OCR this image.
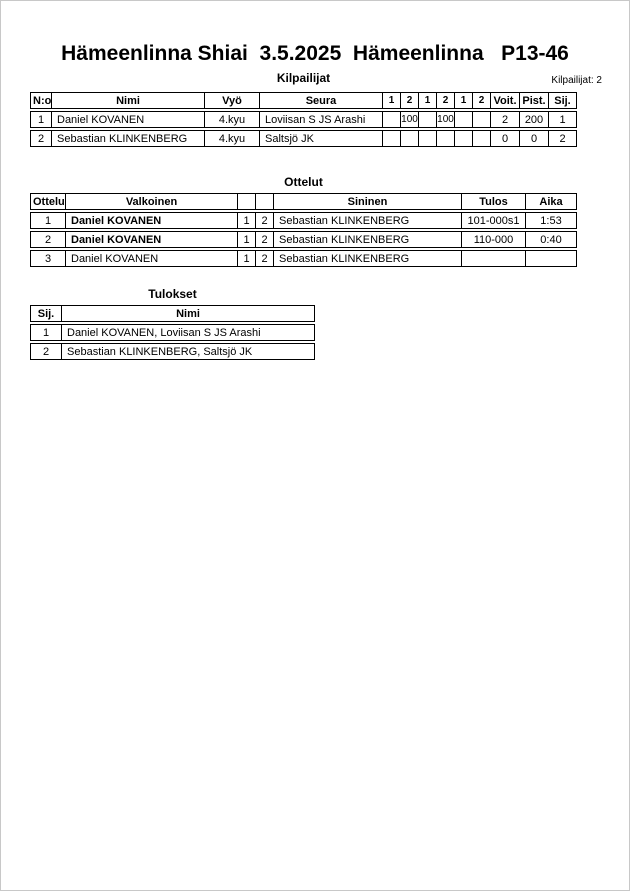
Hämeenlinna Shiai  3.5.2025  Hämeenlinna   P13-46
Kilpailijat	Kilpailijat: 2
N:o	Nimi	Vyö	Seura	1	2	1	2	1	2	Voit.	Pist.	Sij.
1	Daniel KOVANEN	4.kyu	Loviisan S JS Arashi		100		100			2	200	1
2	Sebastian KLINKENBERG	4.kyu	Saltsjö JK							0	0	2
Ottelut
Ottelu	Valkoinen			Sininen	Tulos	Aika
1	Daniel KOVANEN	1	2	Sebastian KLINKENBERG	101-000s1	1:53
2	Daniel KOVANEN	1	2	Sebastian KLINKENBERG	110-000	0:40
3	Daniel KOVANEN	1	2	Sebastian KLINKENBERG		
Tulokset
Sij.	Nimi
1	Daniel KOVANEN, Loviisan S JS Arashi
2	Sebastian KLINKENBERG, Saltsjö JK
